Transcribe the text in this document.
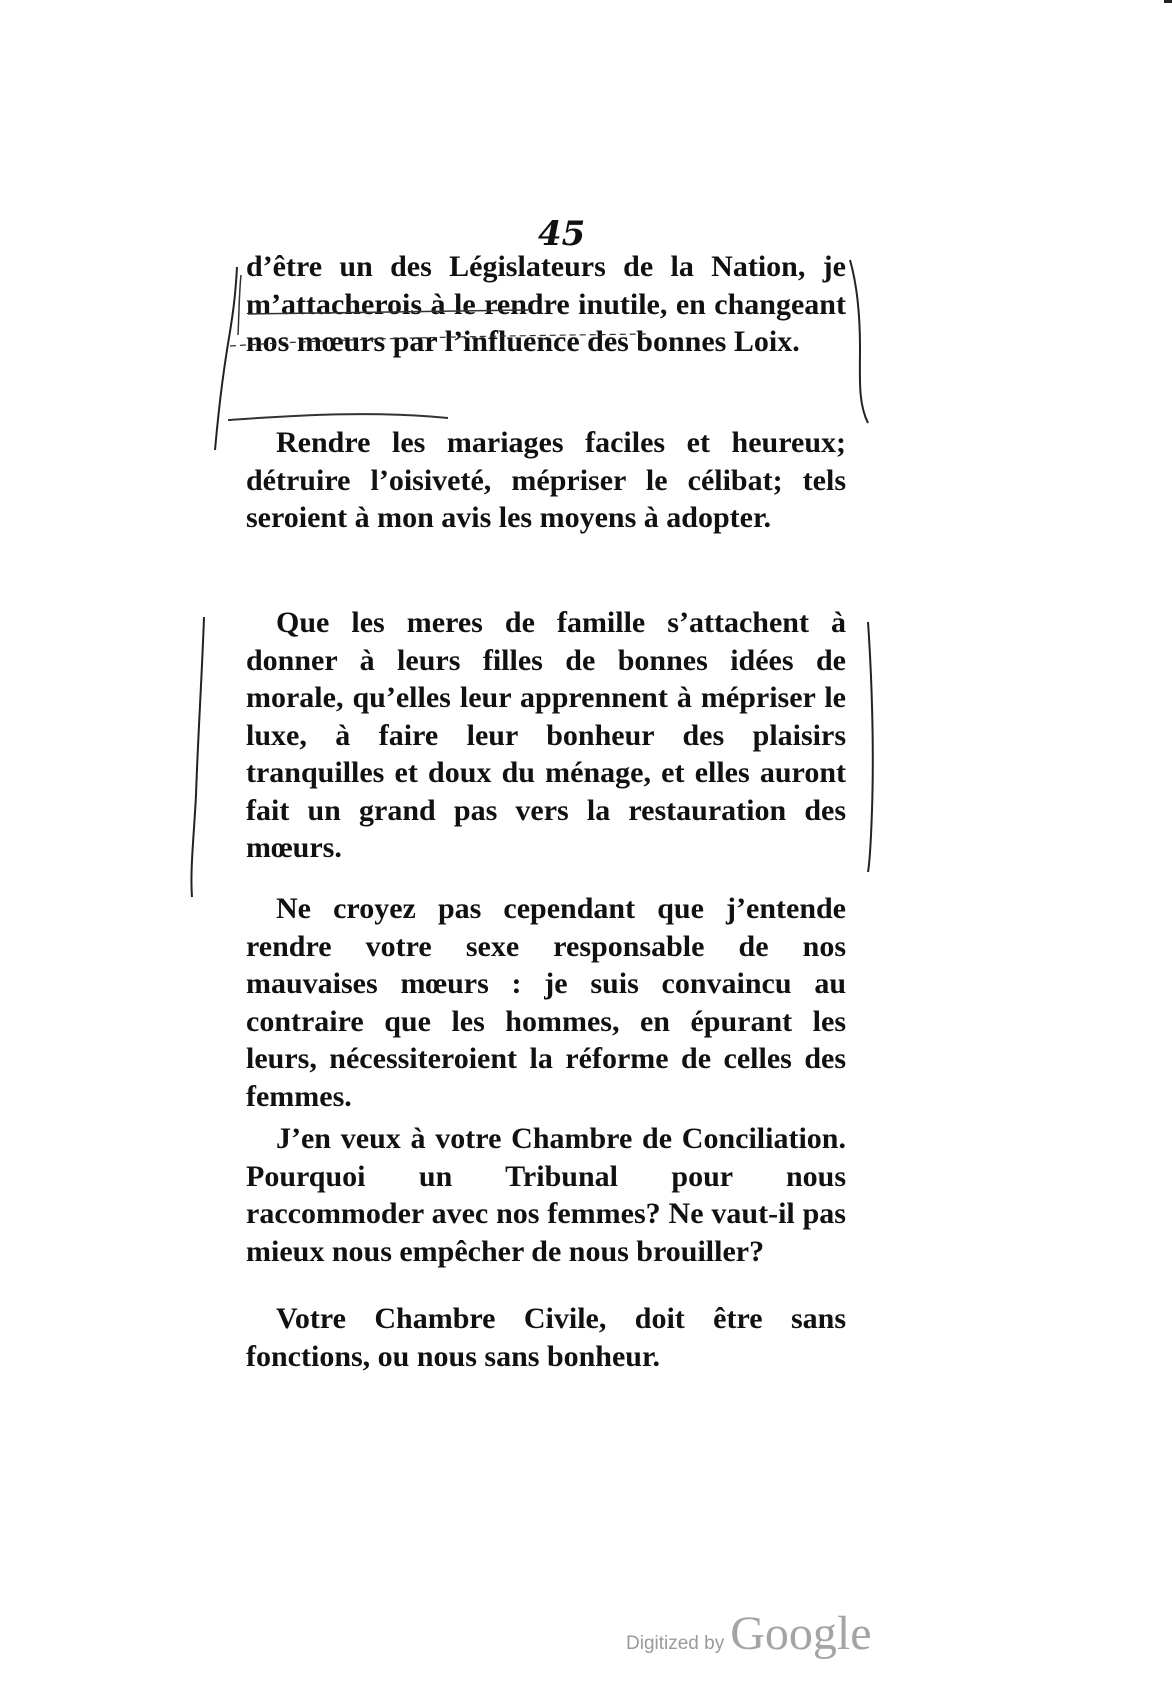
45

d’être un des Législateurs de la Nation, je m’attacherois à le rendre inutile, en changeant nos mœurs par l’influence des bonnes Loix.

Rendre les mariages faciles et heureux; détruire l’oisiveté, mépriser le célibat; tels seroient à mon avis les moyens à adopter.

Que les meres de famille s’attachent à donner à leurs filles de bonnes idées de morale, qu’elles leur apprennent à mépriser le luxe, à faire leur bonheur des plaisirs tranquilles et doux du ménage, et elles auront fait un grand pas vers la restauration des mœurs.

Ne croyez pas cependant que j’entende rendre votre sexe responsable de nos mauvaises mœurs : je suis convaincu au contraire que les hommes, en épurant les leurs, nécessiteroient la réforme de celles des femmes.

J’en veux à votre Chambre de Conciliation. Pourquoi un Tribunal pour nous raccommoder avec nos femmes? Ne vaut-il pas mieux nous empêcher de nous brouiller?

Votre Chambre Civile, doit être sans fonctions, ou nous sans bonheur.

Digitized by Google
